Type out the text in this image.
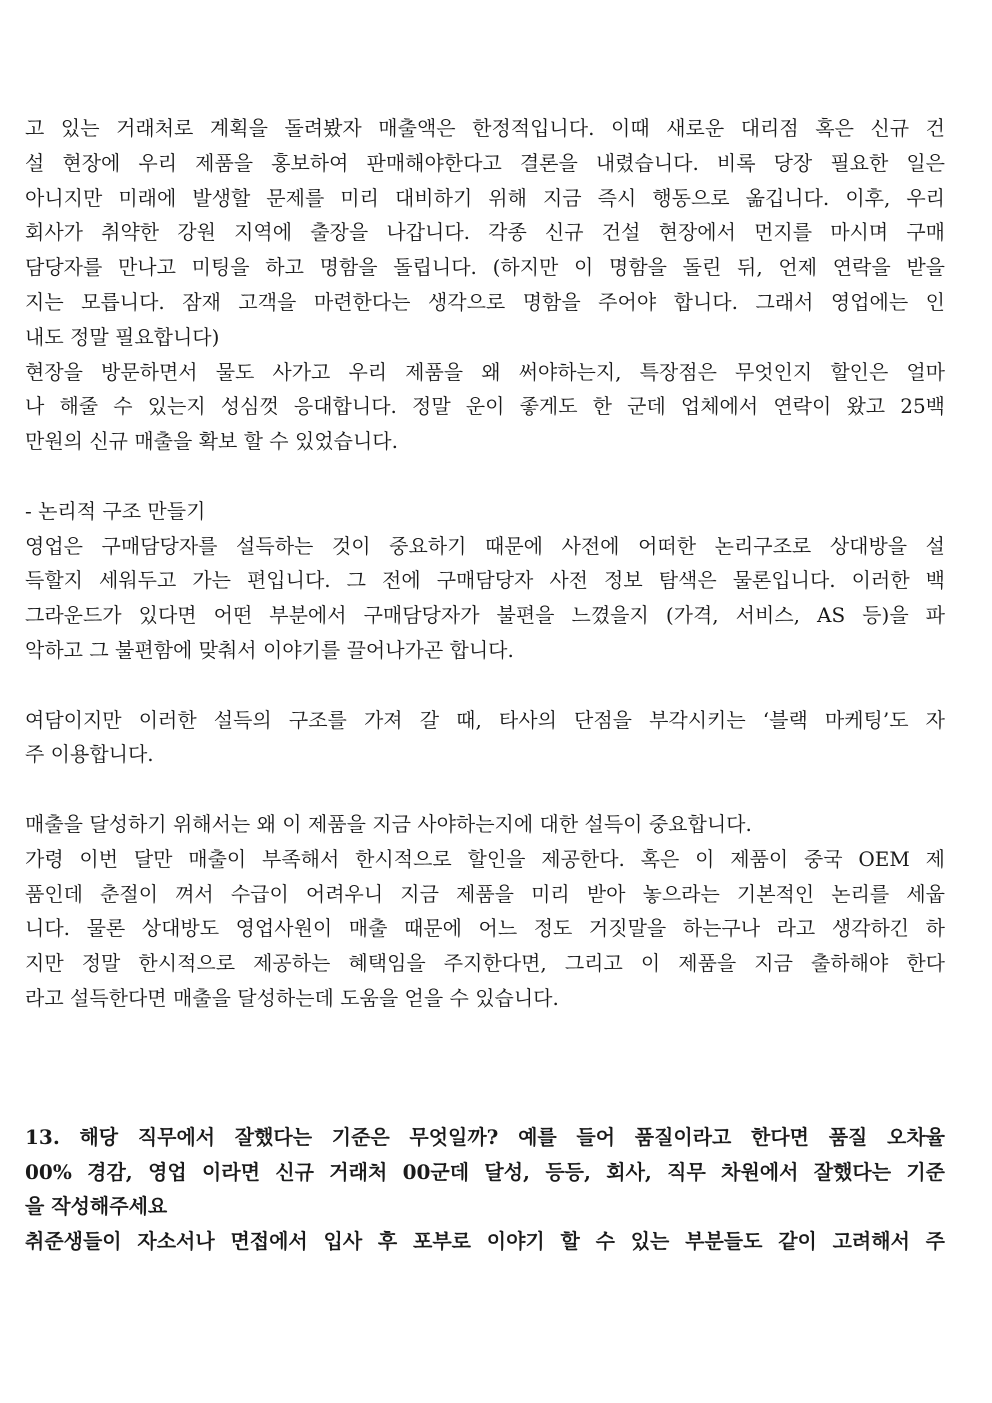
고 있는 거래처로 계획을 돌려봤자 매출액은 한정적입니다. 이때 새로운 대리점 혹은 신규 건
설 현장에 우리 제품을 홍보하여 판매해야한다고 결론을 내렸습니다. 비록 당장 필요한 일은
아니지만 미래에 발생할 문제를 미리 대비하기 위해 지금 즉시 행동으로 옮깁니다. 이후, 우리
회사가 취약한 강원 지역에 출장을 나갑니다. 각종 신규 건설 현장에서 먼지를 마시며 구매
담당자를 만나고 미팅을 하고 명함을 돌립니다. (하지만 이 명함을 돌린 뒤, 언제 연락을 받을
지는 모릅니다. 잠재 고객을 마련한다는 생각으로 명함을 주어야 합니다. 그래서 영업에는 인
내도 정말 필요합니다)
현장을 방문하면서 물도 사가고 우리 제품을 왜 써야하는지, 특장점은 무엇인지 할인은 얼마
나 해줄 수 있는지 성심껏 응대합니다. 정말 운이 좋게도 한 군데 업체에서 연락이 왔고 25백
만원의 신규 매출을 확보 할 수 있었습니다.
- 논리적 구조 만들기
영업은 구매담당자를 설득하는 것이 중요하기 때문에 사전에 어떠한 논리구조로 상대방을 설
득할지 세워두고 가는 편입니다. 그 전에 구매담당자 사전 정보 탐색은 물론입니다. 이러한 백
그라운드가 있다면 어떤 부분에서 구매담당자가 불편을 느꼈을지 (가격, 서비스, AS 등)을 파
악하고 그 불편함에 맞춰서 이야기를 끌어나가곤 합니다.
여담이지만 이러한 설득의 구조를 가져 갈 때, 타사의 단점을 부각시키는 ‘블랙 마케팅’도 자
주 이용합니다.
매출을 달성하기 위해서는 왜 이 제품을 지금 사야하는지에 대한 설득이 중요합니다.
가령 이번 달만 매출이 부족해서 한시적으로 할인을 제공한다. 혹은 이 제품이 중국 OEM 제
품인데 춘절이 껴서 수급이 어려우니 지금 제품을 미리 받아 놓으라는 기본적인 논리를 세웁
니다. 물론 상대방도 영업사원이 매출 때문에 어느 정도 거짓말을 하는구나 라고 생각하긴 하
지만 정말 한시적으로 제공하는 혜택임을 주지한다면, 그리고 이 제품을 지금 출하해야 한다
라고 설득한다면 매출을 달성하는데 도움을 얻을 수 있습니다.
13. 해당 직무에서 잘했다는 기준은 무엇일까? 예를 들어 품질이라고 한다면 품질 오차율
00% 경감, 영업 이라면 신규 거래처 00군데 달성, 등등, 회사, 직무 차원에서 잘했다는 기준
을 작성해주세요
취준생들이 자소서나 면접에서 입사 후 포부로 이야기 할 수 있는 부분들도 같이 고려해서 주
